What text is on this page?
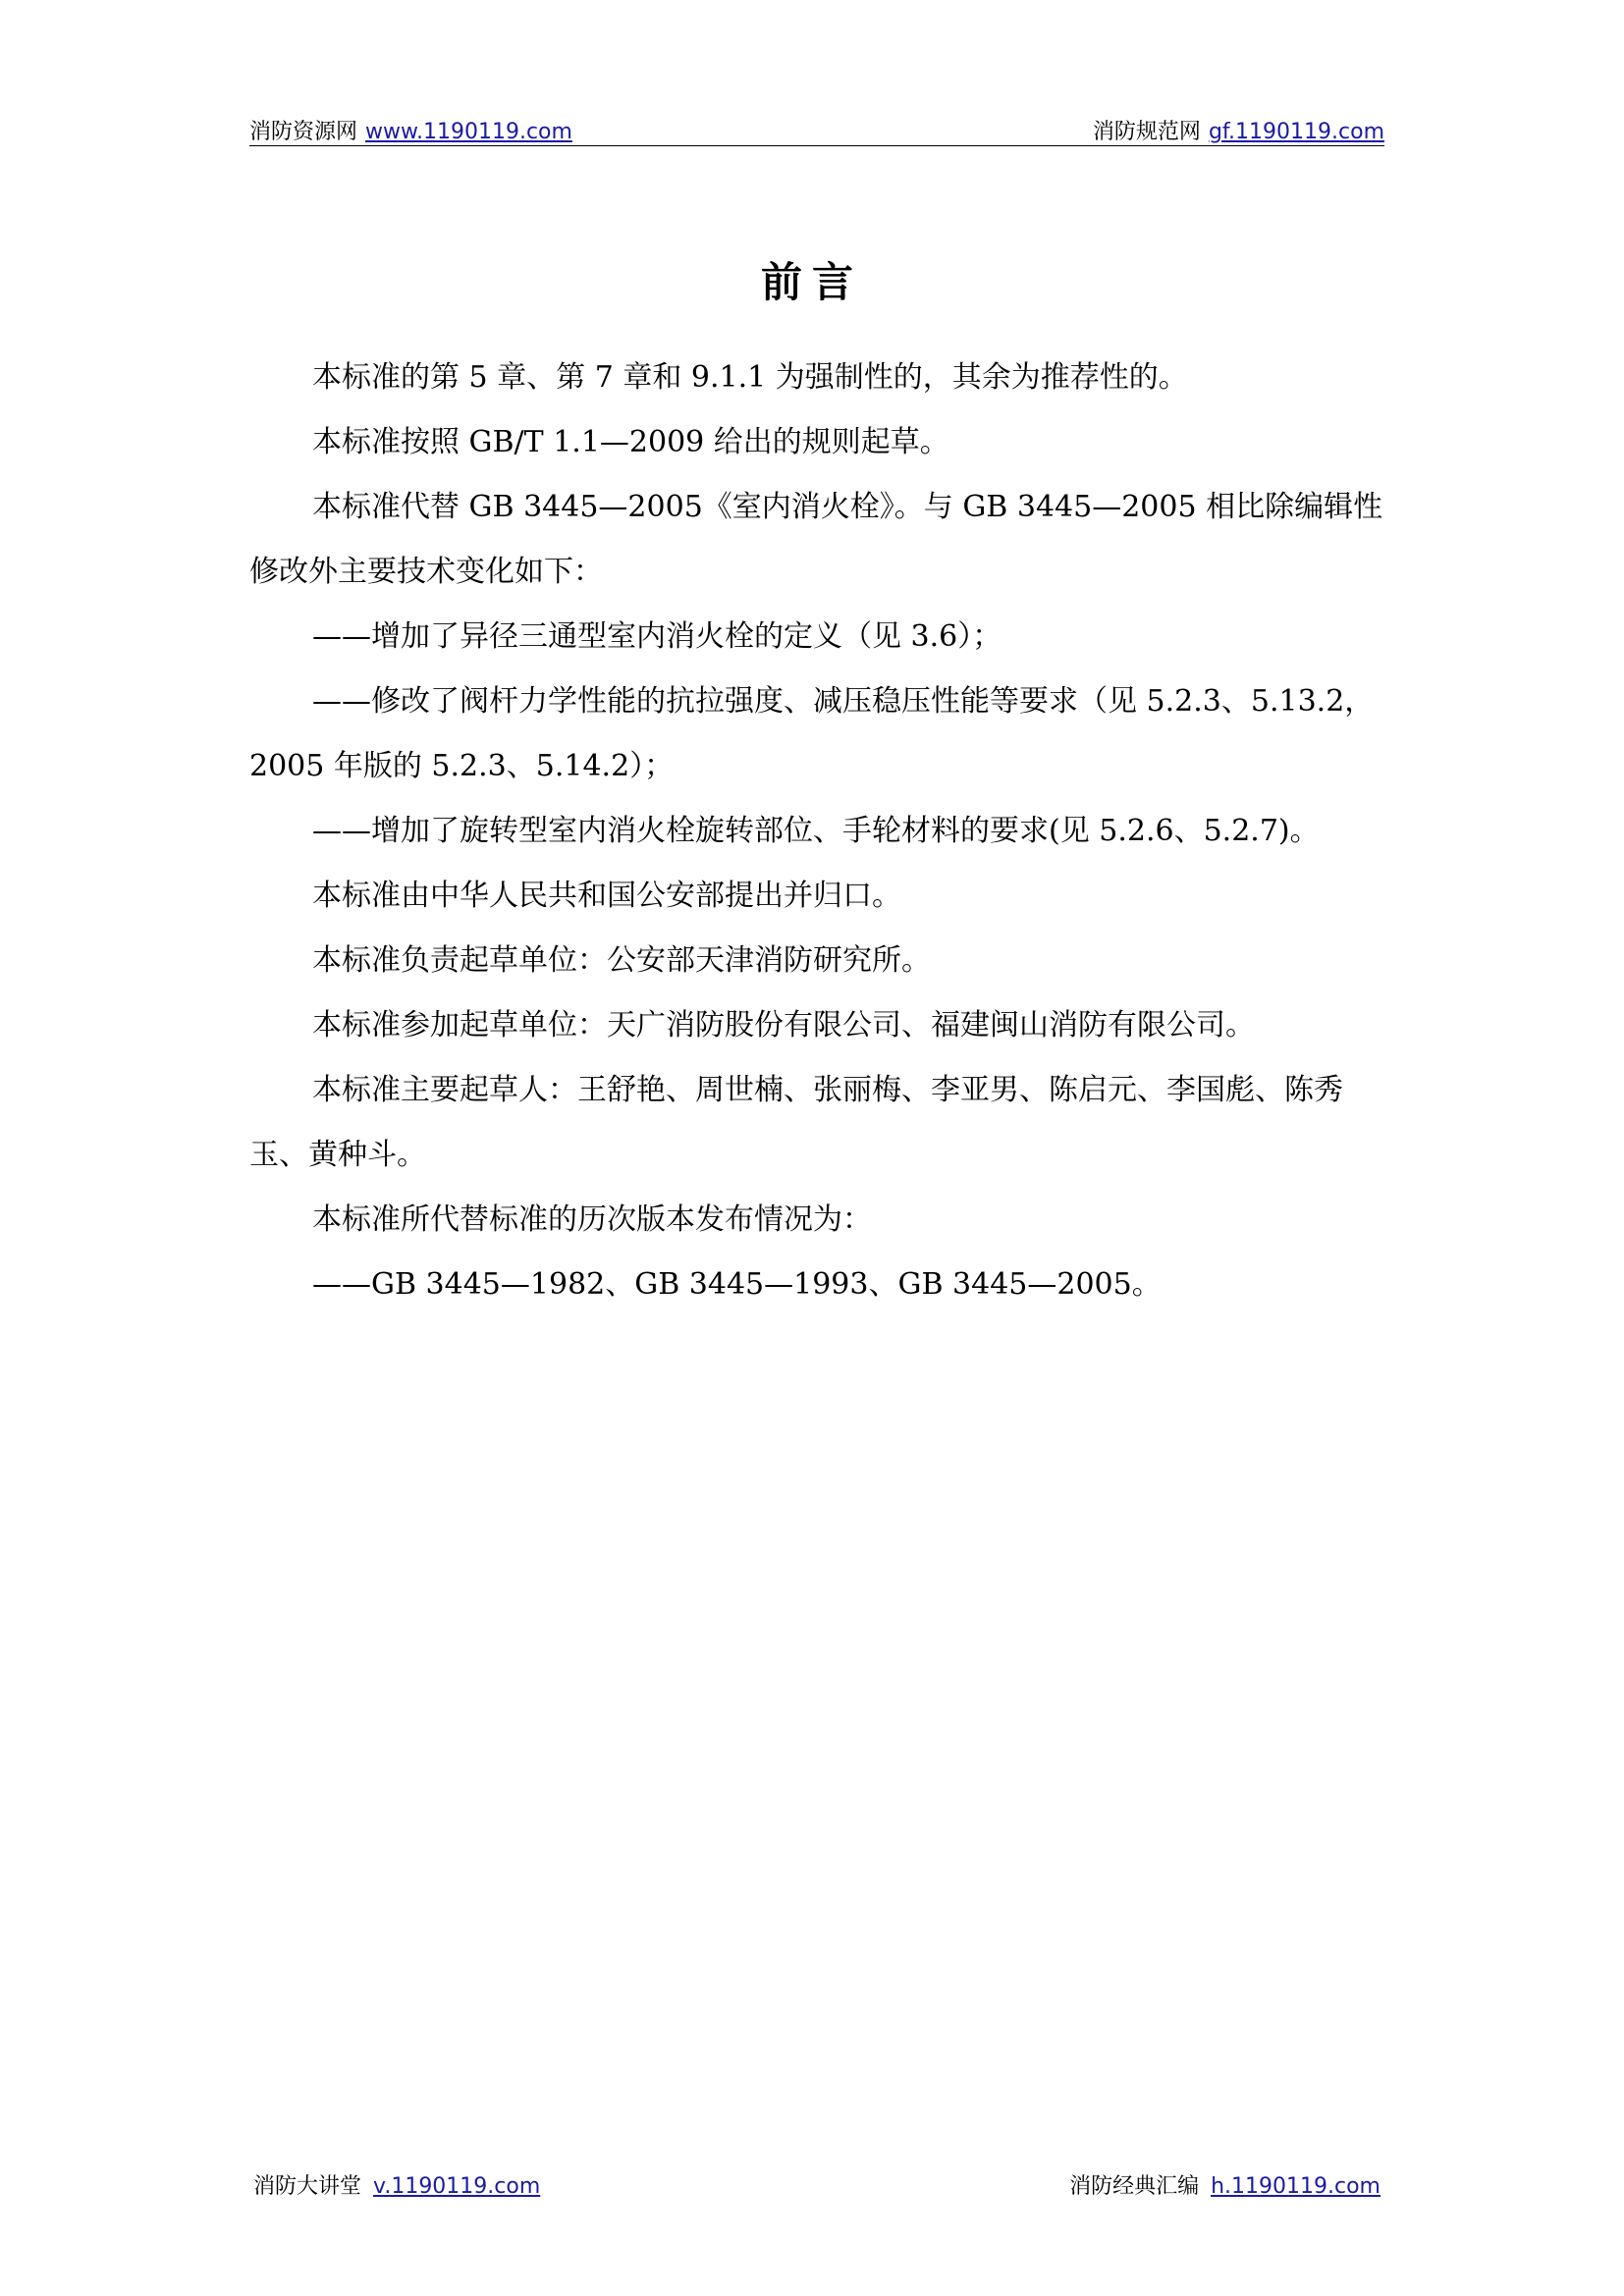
消防资源网 www.1190119.com	消防规范网 gf.1190119.com
前言

本标准的第 5 章、第 7 章和 9.1.1 为强制性的，其余为推荐性的。

本标准按照 GB/T 1.1—2009 给出的规则起草。

本标准代替 GB 3445—2005《室内消火栓》。与 GB 3445—2005 相比除编辑性修改外主要技术变化如下：

——增加了异径三通型室内消火栓的定义（见 3.6）；

——修改了阀杆力学性能的抗拉强度、减压稳压性能等要求（见 5.2.3、5.13.2，2005 年版的 5.2.3、5.14.2）；

——增加了旋转型室内消火栓旋转部位、手轮材料的要求(见 5.2.6、5.2.7)。

本标准由中华人民共和国公安部提出并归口。

本标准负责起草单位：公安部天津消防研究所。

本标准参加起草单位：天广消防股份有限公司、福建闽山消防有限公司。

本标准主要起草人：王舒艳、周世楠、张丽梅、李亚男、陈启元、李国彪、陈秀玉、黄种斗。

本标准所代替标准的历次版本发布情况为：

——GB 3445—1982、GB 3445—1993、GB 3445—2005。

消防大讲堂 v.1190119.com	消防经典汇编 h.1190119.com
